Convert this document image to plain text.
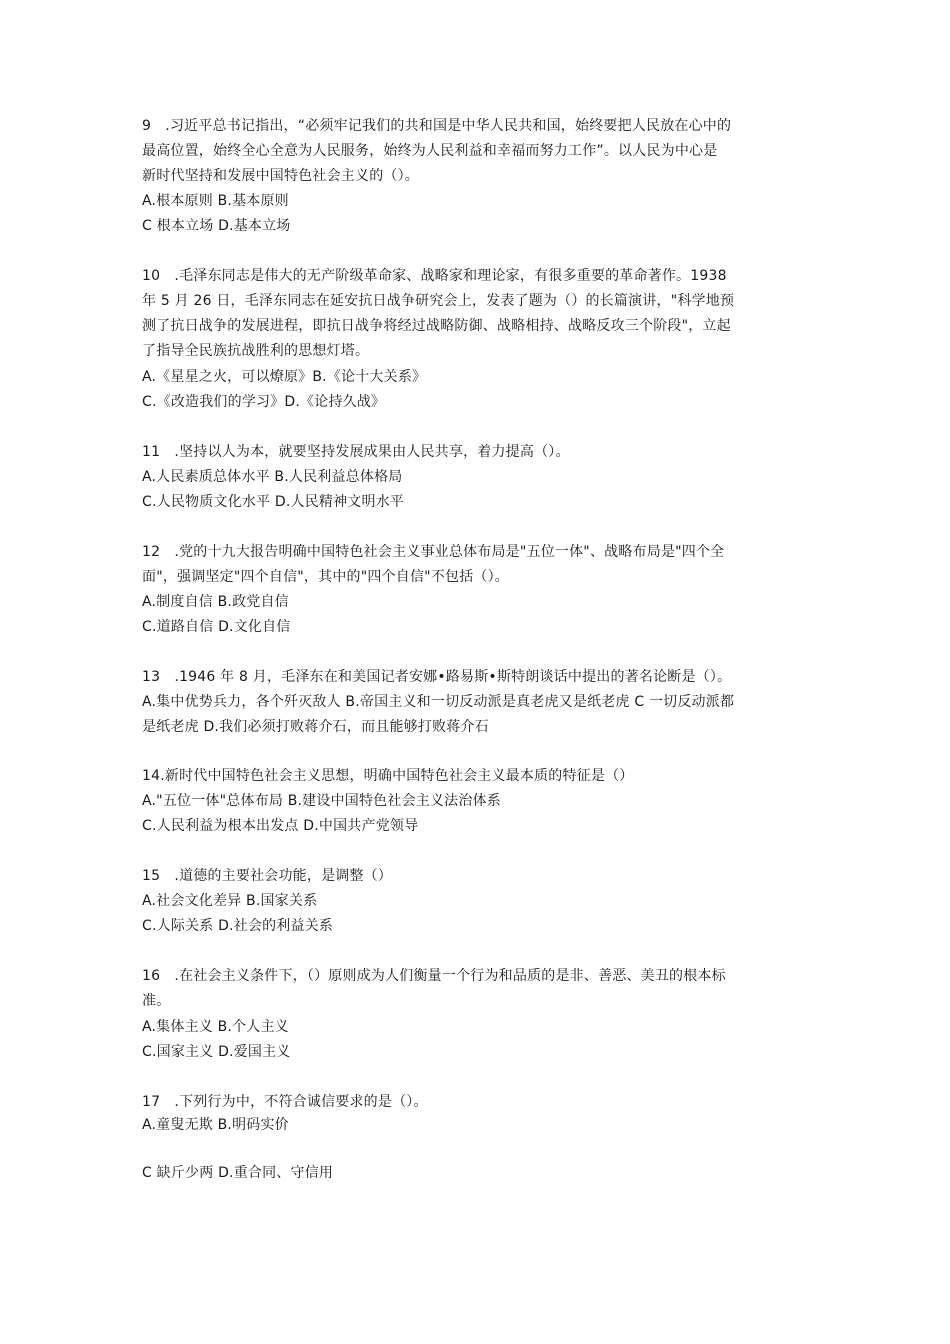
9　.习近平总书记指出，“必须牢记我们的共和国是中华人民共和国，始终要把人民放在心中的
最高位置，始终全心全意为人民服务，始终为人民利益和幸福而努力工作”。以人民为中心是
新时代坚持和发展中国特色社会主义的（）。
A.根本原则 B.基本原则
C 根本立场 D.基本立场
10　.毛泽东同志是伟大的无产阶级革命家、战略家和理论家，有很多重要的革命著作。1938
年 5 月 26 日，毛泽东同志在延安抗日战争研究会上，发表了题为（）的长篇演讲，"科学地预
测了抗日战争的发展进程，即抗日战争将经过战略防御、战略相持、战略反攻三个阶段"，立起
了指导全民族抗战胜利的思想灯塔。
A.《星星之火，可以燎原》B.《论十大关系》
C.《改造我们的学习》D.《论持久战》
11　.坚持以人为本，就要坚持发展成果由人民共享，着力提高（）。
A.人民素质总体水平 B.人民利益总体格局
C.人民物质文化水平 D.人民精神文明水平
12　.党的十九大报告明确中国特色社会主义事业总体布局是"五位一体"、战略布局是"四个全
面"，强调坚定"四个自信"，其中的"四个自信"不包括（）。
A.制度自信 B.政党自信
C.道路自信 D.文化自信
13　.1946 年 8 月，毛泽东在和美国记者安娜•路易斯•斯特朗谈话中提出的著名论断是（）。
A.集中优势兵力，各个歼灭敌人 B.帝国主义和一切反动派是真老虎又是纸老虎 C 一切反动派都
是纸老虎 D.我们必须打败蒋介石，而且能够打败蒋介石
14.新时代中国特色社会主义思想，明确中国特色社会主义最本质的特征是（）
A."五位一体"总体布局 B.建设中国特色社会主义法治体系
C.人民利益为根本出发点 D.中国共产党领导
15　.道德的主要社会功能，是调整（）
A.社会文化差异 B.国家关系
C.人际关系 D.社会的利益关系
16　.在社会主义条件下，（）原则成为人们衡量一个行为和品质的是非、善恶、美丑的根本标
准。
A.集体主义 B.个人主义
C.国家主义 D.爱国主义
17　.下列行为中，不符合诚信要求的是（）。
A.童叟无欺 B.明码实价
C 缺斤少两 D.重合同、守信用
